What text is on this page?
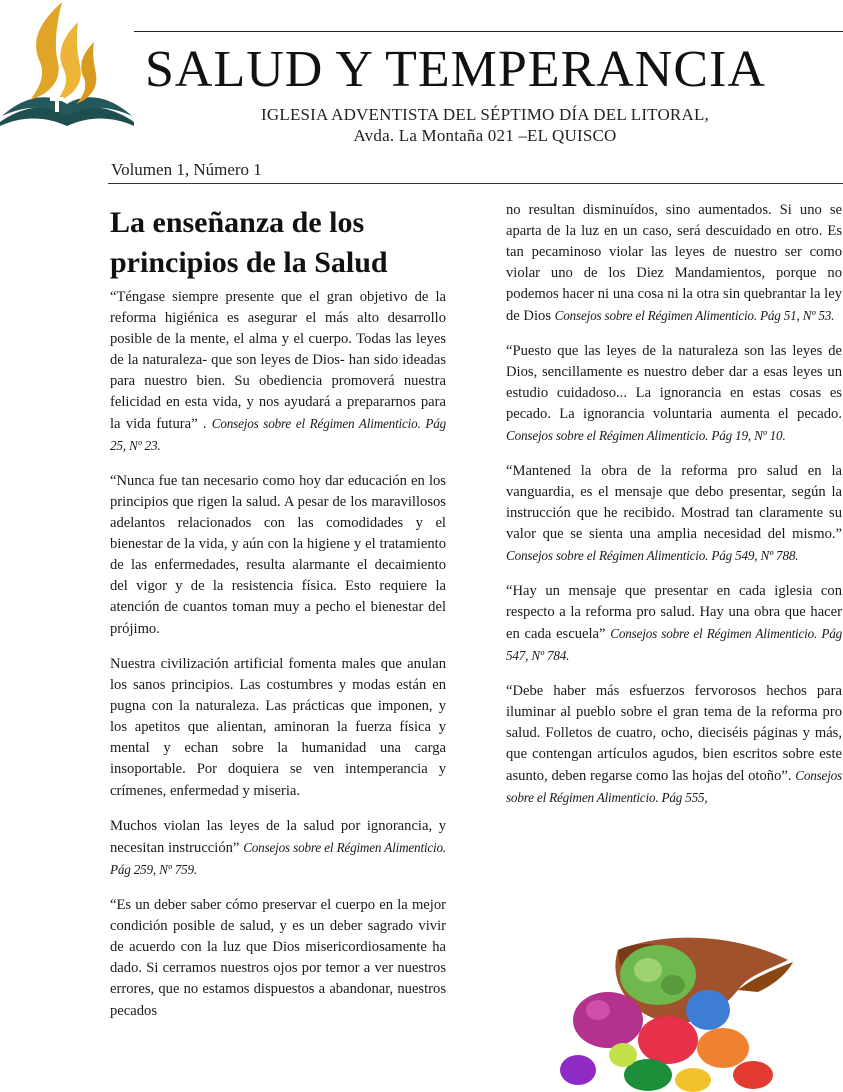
SALUD Y TEMPERANCIA
IGLESIA ADVENTISTA DEL SÉPTIMO DÍA DEL LITORAL,
Avda. La Montaña 021 –EL QUISCO
Volumen 1, Número 1
La enseñanza de los principios de la Salud

“Téngase siempre presente que el gran objetivo de la reforma higiénica es asegurar el más alto desarrollo posible de la mente, el alma y el cuerpo. Todas las leyes de la naturaleza- que son leyes de Dios- han sido ideadas para nuestro bien. Su obediencia promoverá nuestra felicidad en esta vida, y nos ayudará a prepararnos para la vida futura” . Consejos sobre el Régimen Alimenticio. Pág 25, Nº 23.

“Nunca fue tan necesario como hoy dar educación en los principios que rigen la salud. A pesar de los maravillosos adelantos relacionados con las comodidades y el bienestar de la vida, y aún con la higiene y el tratamiento de las enfermedades, resulta alarmante el decaimiento del vigor y de la resistencia física. Esto requiere la atención de cuantos toman muy a pecho el bienestar del prójimo.

Nuestra civilización artificial fomenta males que anulan los sanos principios. Las costumbres y modas están en pugna con la naturaleza. Las prácticas que imponen, y los apetitos que alientan, aminoran la fuerza física y mental y echan sobre la humanidad una carga insoportable. Por doquiera se ven intemperancia y crímenes, enfermedad y miseria.

Muchos violan las leyes de la salud por ignorancia, y necesitan instrucción” Consejos sobre el Régimen Alimenticio. Pág 259, Nº 759.

“Es un deber saber cómo preservar el cuerpo en la mejor condición posible de salud, y es un deber sagrado vivir de acuerdo con la luz que Dios misericordiosamente ha dado. Si cerramos nuestros ojos por temor a ver nuestros errores, que no estamos dispuestos a abandonar, nuestros pecados

no resultan disminuídos, sino aumentados. Si uno se aparta de la luz en un caso, será descuidado en otro. Es tan pecaminoso violar las leyes de nuestro ser como violar uno de los Diez Mandamientos, porque no podemos hacer ni una cosa ni la otra sin quebrantar la ley de Dios Consejos sobre el Régimen Alimenticio. Pág 51, Nº 53.

“Puesto que las leyes de la naturaleza son las leyes de Dios, sencillamente es nuestro deber dar a esas leyes un estudio cuidadoso... La ignorancia en estas cosas es pecado. La ignorancia voluntaria aumenta el pecado. Consejos sobre el Régimen Alimenticio. Pág 19, Nº 10.

“Mantened la obra de la reforma pro salud en la vanguardia, es el mensaje que debo presentar, según la instrucción que he recibido. Mostrad tan claramente su valor que se sienta una amplia necesidad del mismo.” Consejos sobre el Régimen Alimenticio. Pág 549, Nº 788.

“Hay un mensaje que presentar en cada iglesia con respecto a la reforma pro salud. Hay una obra que hacer en cada escuela” Consejos sobre el Régimen Alimenticio. Pág 547, Nº 784.

“Debe haber más esfuerzos fervorosos hechos para iluminar al pueblo sobre el gran tema de la reforma pro salud. Folletos de cuatro, ocho, dieciséis páginas y más, que contengan artículos agudos, bien escritos sobre este asunto, deben regarse como las hojas del otoño”. Consejos sobre el Régimen Alimenticio. Pág 555,
